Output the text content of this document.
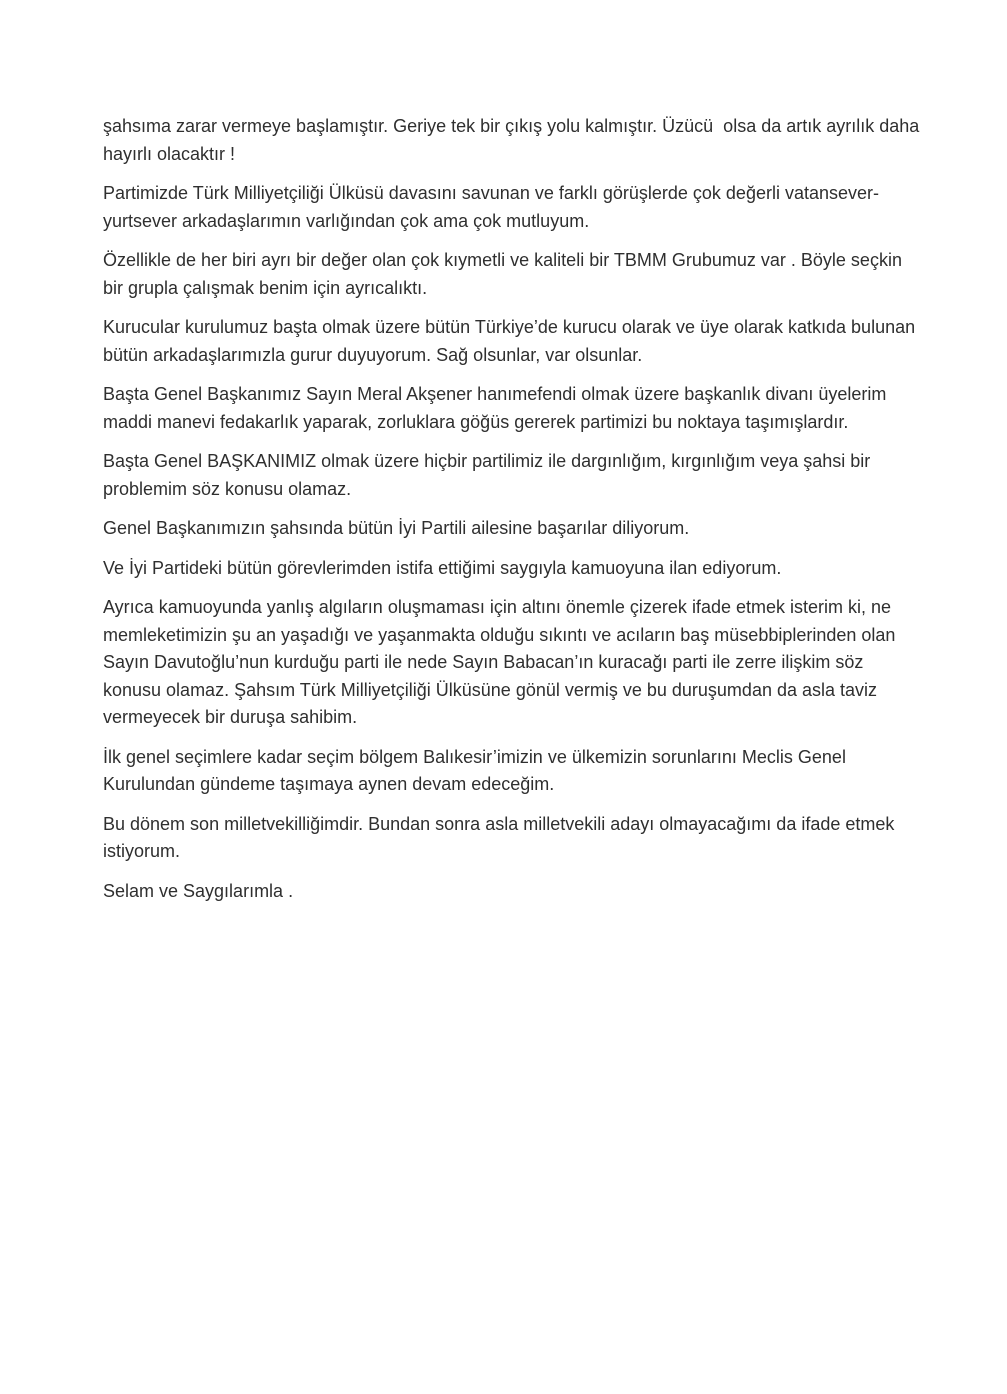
şahsıma zarar vermeye başlamıştır. Geriye tek bir çıkış yolu kalmıştır. Üzücü  olsa da artık ayrılık daha hayırlı olacaktır !

Partimizde Türk Milliyetçiliği Ülküsü davasını savunan ve farklı görüşlerde çok değerli vatansever-yurtsever arkadaşlarımın varlığından çok ama çok mutluyum.

Özellikle de her biri ayrı bir değer olan çok kıymetli ve kaliteli bir TBMM Grubumuz var . Böyle seçkin bir grupla çalışmak benim için ayrıcalıktı.

Kurucular kurulumuz başta olmak üzere bütün Türkiye’de kurucu olarak ve üye olarak katkıda bulunan bütün arkadaşlarımızla gurur duyuyorum. Sağ olsunlar, var olsunlar.

Başta Genel Başkanımız Sayın Meral Akşener hanımefendi olmak üzere başkanlık divanı üyelerim maddi manevi fedakarlık yaparak, zorluklara göğüs gererek partimizi bu noktaya taşımışlardır.

Başta Genel BAŞKANIMIZ olmak üzere hiçbir partilimiz ile dargınlığım, kırgınlığım veya şahsi bir problemim söz konusu olamaz.

Genel Başkanımızın şahsında bütün İyi Partili ailesine başarılar diliyorum.

Ve İyi Partideki bütün görevlerimden istifa ettiğimi saygıyla kamuoyuna ilan ediyorum.

Ayrıca kamuoyunda yanlış algıların oluşmaması için altını önemle çizerek ifade etmek isterim ki, ne memleketimizin şu an yaşadığı ve yaşanmakta olduğu sıkıntı ve acıların baş müsebbiplerinden olan Sayın Davutoğlu’nun kurduğu parti ile nede Sayın Babacan’ın kuracağı parti ile zerre ilişkim söz konusu olamaz. Şahsım Türk Milliyetçiliği Ülküsüne gönül vermiş ve bu duruşumdan da asla taviz vermeyecek bir duruşa sahibim.

İlk genel seçimlere kadar seçim bölgem Balıkesir’imizin ve ülkemizin sorunlarını Meclis Genel Kurulundan gündeme taşımaya aynen devam edeceğim.

Bu dönem son milletvekilliğimdir. Bundan sonra asla milletvekili adayı olmayacağımı da ifade etmek istiyorum.

Selam ve Saygılarımla .
